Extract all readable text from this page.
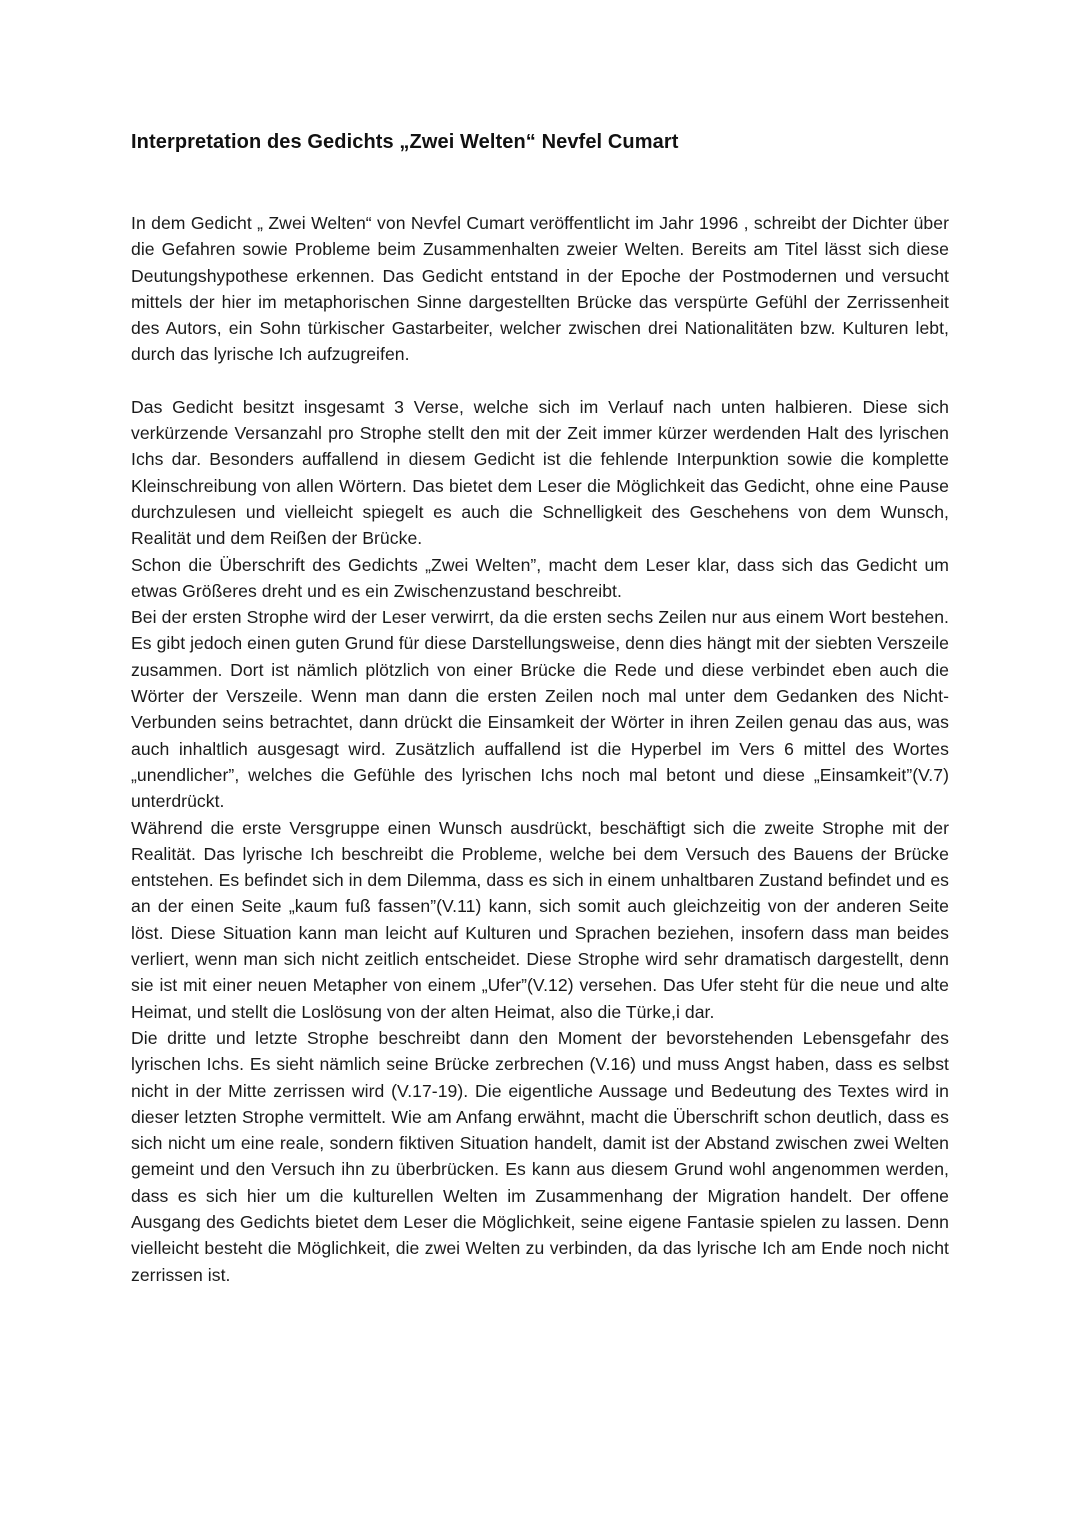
Interpretation des Gedichts „Zwei Welten“ Nevfel Cumart

In dem Gedicht „ Zwei Welten“ von Nevfel Cumart veröffentlicht im Jahr 1996 , schreibt der Dichter über die Gefahren sowie Probleme beim Zusammenhalten zweier Welten. Bereits am Titel lässt sich diese Deutungshypothese erkennen. Das Gedicht entstand in der Epoche der Postmodernen und versucht mittels der hier im metaphorischen Sinne dargestellten Brücke das verspürte Gefühl der Zerrissenheit des Autors, ein Sohn türkischer Gastarbeiter, welcher zwischen drei Nationalitäten bzw. Kulturen lebt, durch das lyrische Ich aufzugreifen.

Das Gedicht besitzt insgesamt 3 Verse, welche sich im Verlauf nach unten halbieren. Diese sich verkürzende Versanzahl pro Strophe stellt den mit der Zeit immer kürzer werdenden Halt des lyrischen Ichs dar. Besonders auffallend in diesem Gedicht ist die fehlende Interpunktion sowie die komplette Kleinschreibung von allen Wörtern. Das bietet dem Leser die Möglichkeit das Gedicht, ohne eine Pause durchzulesen und vielleicht spiegelt es auch die Schnelligkeit des Geschehens von dem Wunsch, Realität und dem Reißen der Brücke.

Schon die Überschrift des Gedichts „Zwei Welten”, macht dem Leser klar, dass sich das Gedicht um etwas Größeres dreht und es ein Zwischenzustand beschreibt.

Bei der ersten Strophe wird der Leser verwirrt, da die ersten sechs Zeilen nur aus einem Wort bestehen. Es gibt jedoch einen guten Grund für diese Darstellungsweise, denn dies hängt mit der siebten Verszeile zusammen. Dort ist nämlich plötzlich von einer Brücke die Rede und diese verbindet eben auch die Wörter der Verszeile. Wenn man dann die ersten Zeilen noch mal unter dem Gedanken des Nicht-Verbunden seins betrachtet, dann drückt die Einsamkeit der Wörter in ihren Zeilen genau das aus, was auch inhaltlich ausgesagt wird. Zusätzlich auffallend ist die Hyperbel im Vers 6 mittel des Wortes „unendlicher”, welches die Gefühle des lyrischen Ichs noch mal betont und diese „Einsamkeit”(V.7) unterdrückt.

Während die erste Versgruppe einen Wunsch ausdrückt, beschäftigt sich die zweite Strophe mit der Realität. Das lyrische Ich beschreibt die Probleme, welche bei dem Versuch des Bauens der Brücke entstehen. Es befindet sich in dem Dilemma, dass es sich in einem unhaltbaren Zustand befindet und es an der einen Seite „kaum fuß fassen”(V.11) kann, sich somit auch gleichzeitig von der anderen Seite löst. Diese Situation kann man leicht auf Kulturen und Sprachen beziehen, insofern dass man beides verliert, wenn man sich nicht zeitlich entscheidet. Diese Strophe wird sehr dramatisch dargestellt, denn sie ist mit einer neuen Metapher von einem „Ufer”(V.12) versehen. Das Ufer steht für die neue und alte Heimat, und stellt die Loslösung von der alten Heimat, also die Türke,i dar.

Die dritte und letzte Strophe beschreibt dann den Moment der bevorstehenden Lebensgefahr des lyrischen Ichs. Es sieht nämlich seine Brücke zerbrechen (V.16) und muss Angst haben, dass es selbst nicht in der Mitte zerrissen wird (V.17-19). Die eigentliche Aussage und Bedeutung des Textes wird in dieser letzten Strophe vermittelt. Wie am Anfang erwähnt, macht die Überschrift schon deutlich, dass es sich nicht um eine reale, sondern fiktiven Situation handelt, damit ist der Abstand zwischen zwei Welten gemeint und den Versuch ihn zu überbrücken. Es kann aus diesem Grund wohl angenommen werden, dass es sich hier um die kulturellen Welten im Zusammenhang der Migration handelt. Der offene Ausgang des Gedichts bietet dem Leser die Möglichkeit, seine eigene Fantasie spielen zu lassen. Denn vielleicht besteht die Möglichkeit, die zwei Welten zu verbinden, da das lyrische Ich am Ende noch nicht zerrissen ist.
